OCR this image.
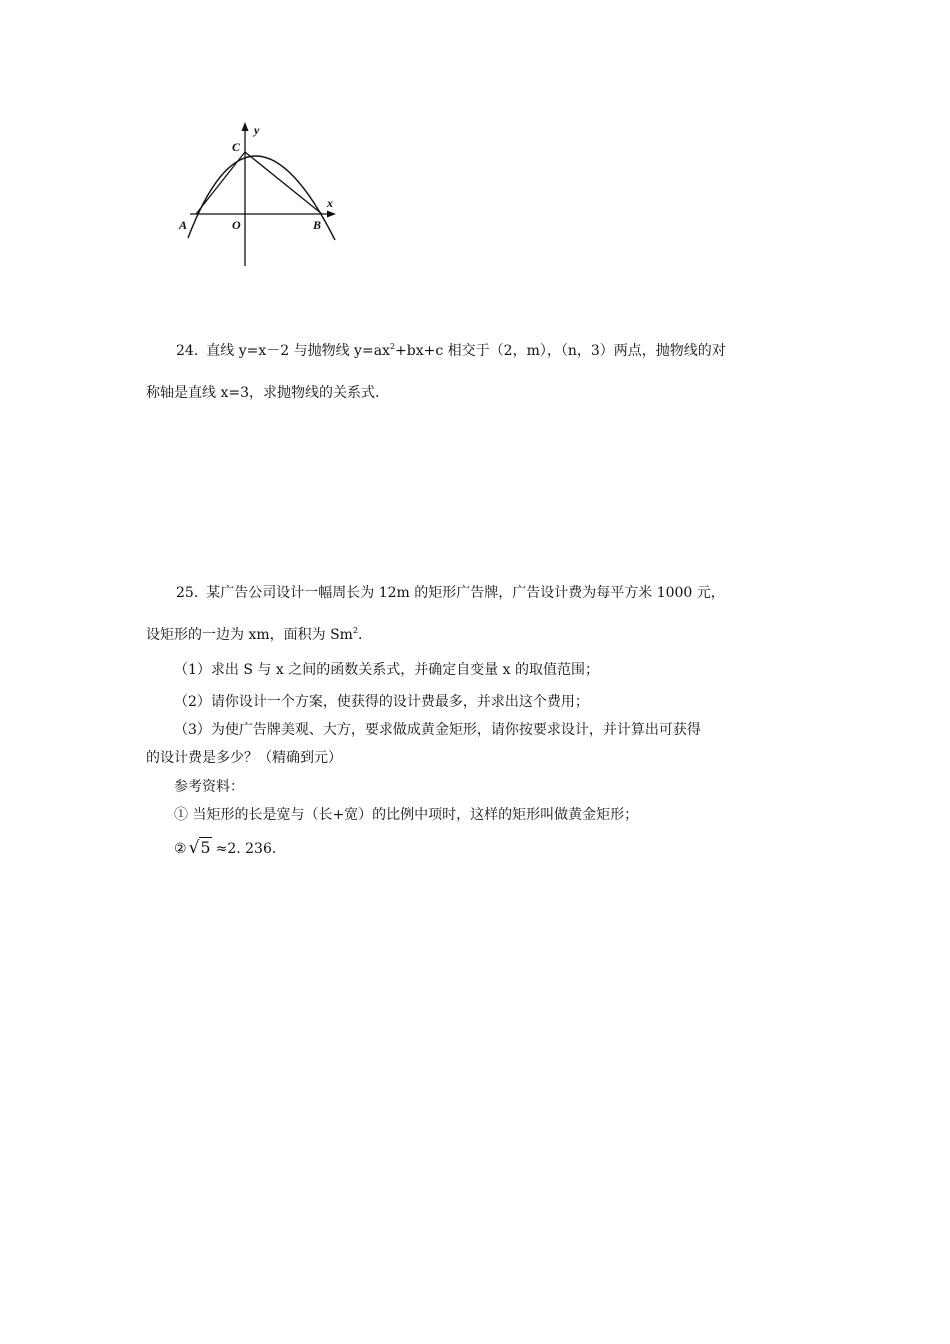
y
C
x
A	O	B

24. 直线 y=x－2 与抛物线 $y=ax^2+bx+c$ 相交于（2，m），（n，3）两点，抛物线的对

称轴是直线 x=3，求抛物线的关系式.

25. 某广告公司设计一幅周长为 12m 的矩形广告牌，广告设计费为每平方米 1000 元，

设矩形的一边为 xm，面积为 Sm$^2$.

（1）求出 S 与 x 之间的函数关系式，并确定自变量 x 的取值范围；

（2）请你设计一个方案，使获得的设计费最多，并求出这个费用；

（3）为使广告牌美观、大方，要求做成黄金矩形，请你按要求设计，并计算出可获得

的设计费是多少？（精确到元）

参考资料：

① 当矩形的长是宽与（长+宽）的比例中项时，这样的矩形叫做黄金矩形；

② √5 ≈2. 236.
